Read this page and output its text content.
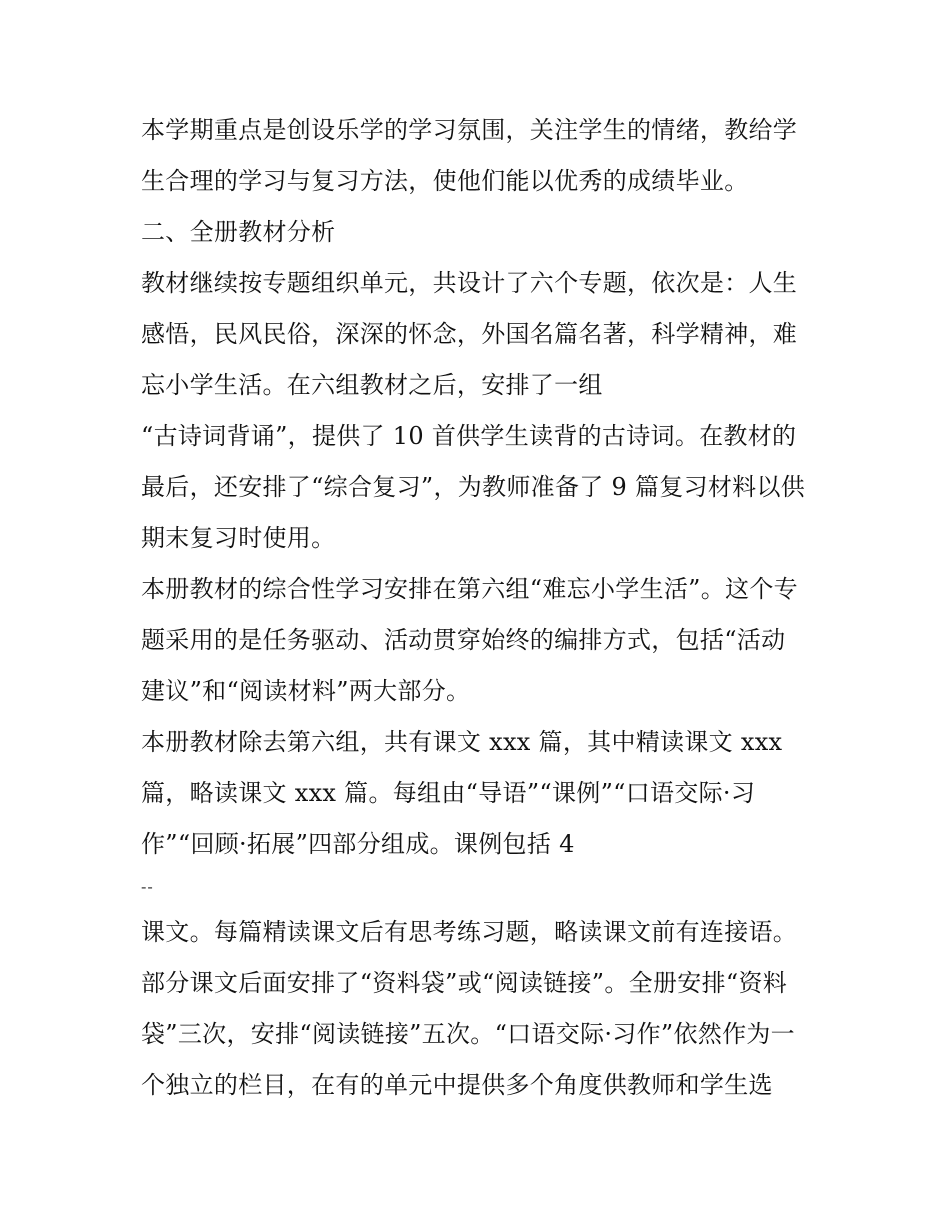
本学期重点是创设乐学的学习氛围，关注学生的情绪，教给学

生合理的学习与复习方法，使他们能以优秀的成绩毕业。

二、全册教材分析

教材继续按专题组织单元，共设计了六个专题，依次是：人生

感悟，民风民俗，深深的怀念，外国名篇名著，科学精神，难

忘小学生活。在六组教材之后，安排了一组

“古诗词背诵”，提供了 10 首供学生读背的古诗词。在教材的

最后，还安排了“综合复习”，为教师准备了 9 篇复习材料以供

期末复习时使用。

本册教材的综合性学习安排在第六组“难忘小学生活”。这个专

题采用的是任务驱动、活动贯穿始终的编排方式，包括“活动

建议”和“阅读材料”两大部分。

本册教材除去第六组，共有课文 xxx 篇，其中精读课文 xxx

篇，略读课文 xxx 篇。每组由“导语”“课例”“口语交际·习

作”“回顾·拓展”四部分组成。课例包括 4

--

课文。每篇精读课文后有思考练习题，略读课文前有连接语。

部分课文后面安排了“资料袋”或“阅读链接”。全册安排“资料

袋”三次，安排“阅读链接”五次。“口语交际·习作”依然作为一

个独立的栏目，在有的单元中提供多个角度供教师和学生选
